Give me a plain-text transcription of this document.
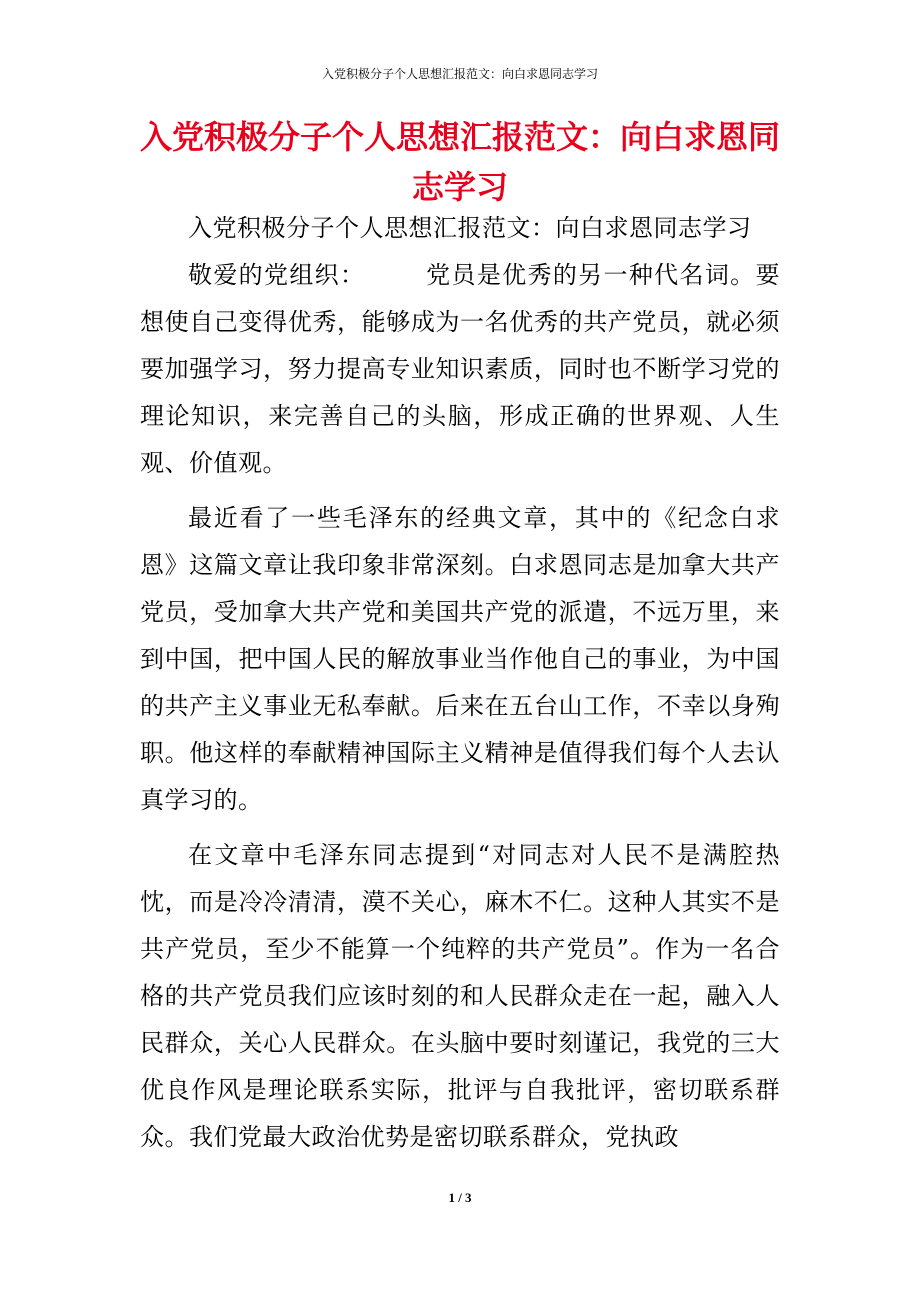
入党积极分子个人思想汇报范文：向白求恩同志学习
入党积极分子个人思想汇报范文：向白求恩同志学习

入党积极分子个人思想汇报范文：向白求恩同志学习

敬爱的党组织：	党员是优秀的另一种代名词。要想使自己变得优秀，能够成为一名优秀的共产党员，就必须要加强学习，努力提高专业知识素质，同时也不断学习党的理论知识，来完善自己的头脑，形成正确的世界观、人生观、价值观。

最近看了一些毛泽东的经典文章，其中的《纪念白求恩》这篇文章让我印象非常深刻。白求恩同志是加拿大共产党员，受加拿大共产党和美国共产党的派遣，不远万里，来到中国，把中国人民的解放事业当作他自己的事业，为中国的共产主义事业无私奉献。后来在五台山工作，不幸以身殉职。他这样的奉献精神国际主义精神是值得我们每个人去认真学习的。

在文章中毛泽东同志提到“对同志对人民不是满腔热忱，而是冷冷清清，漠不关心，麻木不仁。这种人其实不是共产党员，至少不能算一个纯粹的共产党员”。作为一名合格的共产党员我们应该时刻的和人民群众走在一起，融入人民群众，关心人民群众。在头脑中要时刻谨记，我党的三大优良作风是理论联系实际，批评与自我批评，密切联系群众。我们党最大政治优势是密切联系群众，党执政

1 / 3
